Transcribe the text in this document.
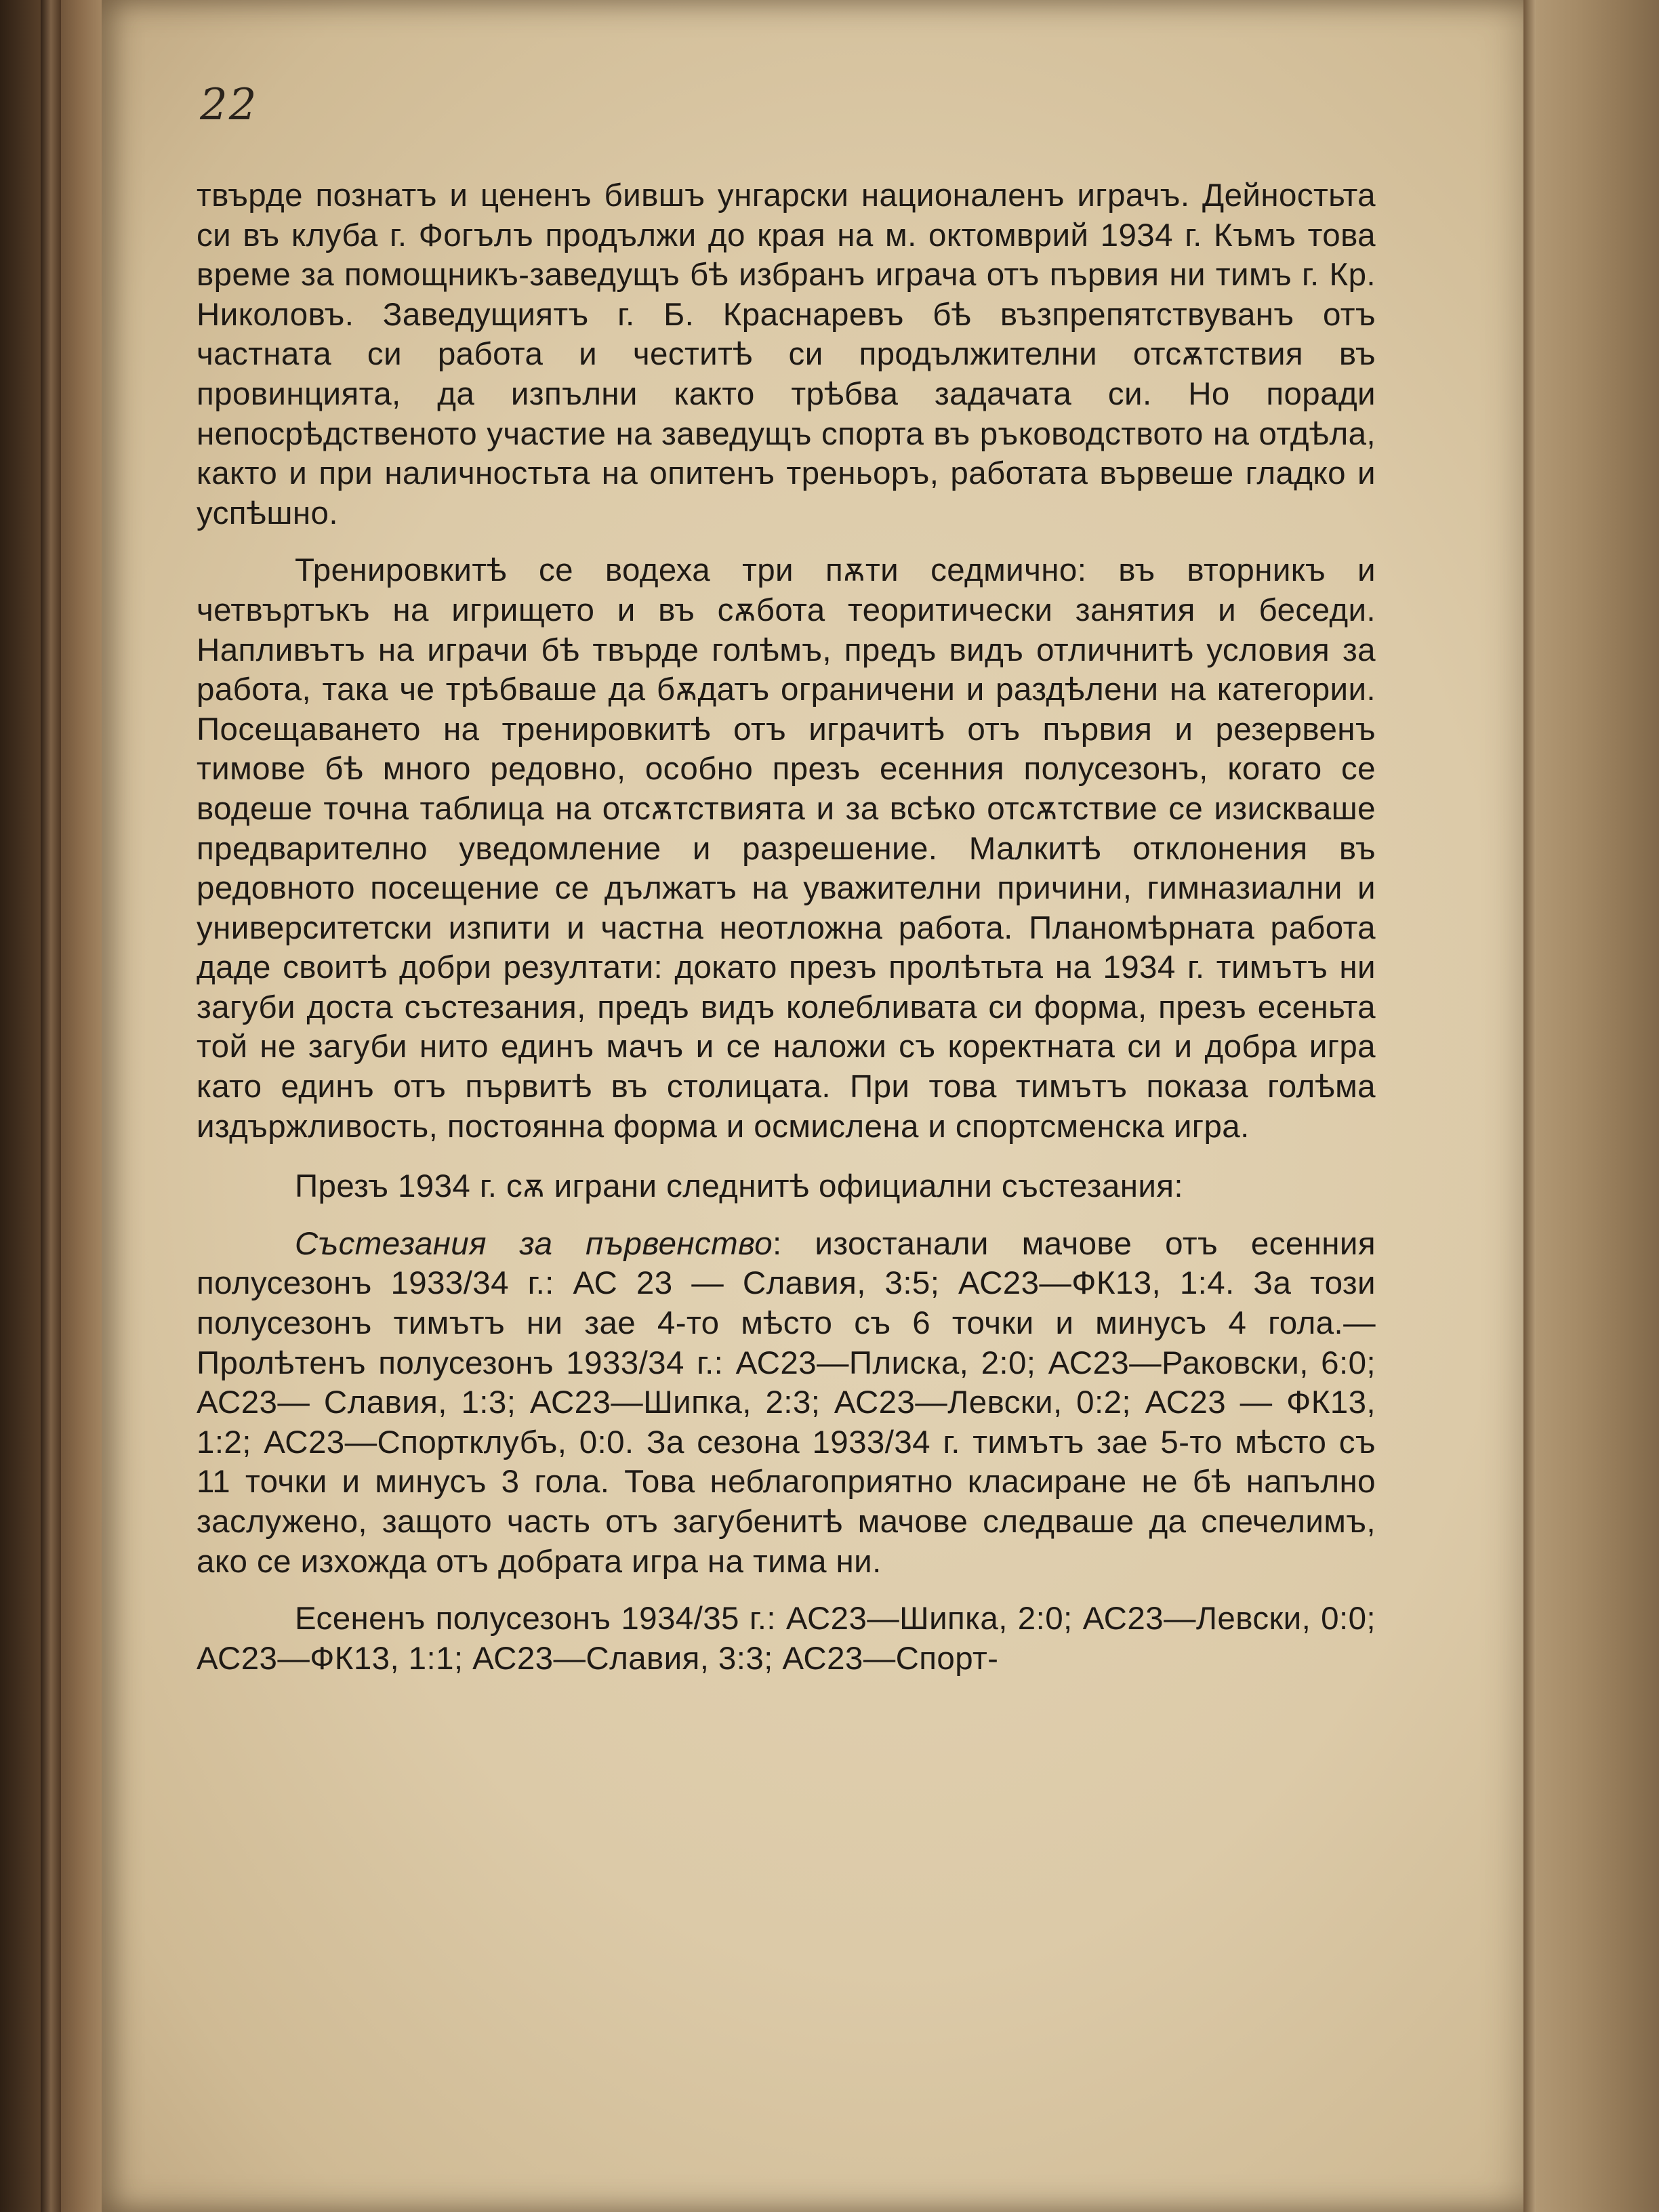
22

твърде познатъ и цененъ бившъ унгарски националенъ играчъ. Дейностьта си въ клуба г. Фогълъ продължи до края на м. октомврий 1934 г. Къмъ това време за помощникъ-заведущъ бѣ избранъ играча отъ първия ни тимъ г. Кр. Николовъ. Заведущиятъ г. Б. Краснаревъ бѣ възпрепятствуванъ отъ частната си работа и честитѣ си продължителни отсѫтствия въ провинцията, да изпълни както трѣбва задачата си. Но поради непосрѣдственото участие на заведущъ спорта въ ръководството на отдѣла, както и при наличностьта на опитенъ треньоръ, работата вървеше гладко и успѣшно.

Тренировкитѣ се водеха три пѫти седмично: въ вторникъ и четвъртъкъ на игрището и въ сѫбота теоритически занятия и беседи. Напливътъ на играчи бѣ твърде голѣмъ, предъ видъ отличнитѣ условия за работа, така че трѣбваше да бѫдатъ ограничени и раздѣлени на категории. Посещаването на тренировкитѣ отъ играчитѣ отъ първия и резервенъ тимове бѣ много редовно, особно презъ есенния полусезонъ, когато се водеше точна таблица на отсѫтствията и за всѣко отсѫтствие се изискваше предварително уведомление и разрешение. Малкитѣ отклонения въ редовното посещение се дължатъ на уважителни причини, гимназиални и университетски изпити и частна неотложна работа. Планомѣрната работа даде своитѣ добри резултати: докато презъ пролѣтьта на 1934 г. тимътъ ни загуби доста състезания, предъ видъ колебливата си форма, презъ есеньта той не загуби нито единъ мачъ и се наложи съ коректната си и добра игра като единъ отъ първитѣ въ столицата. При това тимътъ показа голѣма издържливость, постоянна форма и осмислена и спортсменска игра.

Презъ 1934 г. сѫ играни следнитѣ официални състезания:

Състезания за първенство: изостанали мачове отъ есенния полусезонъ 1933/34 г.: АС 23 — Славия, 3:5; АС23—ФК13, 1:4. За този полусезонъ тимътъ ни зае 4-то мѣсто съ 6 точки и минусъ 4 гола.—Пролѣтенъ полусезонъ 1933/34 г.: АС23—Плиска, 2:0; АС23—Раковски, 6:0; АС23— Славия, 1:3; АС23—Шипка, 2:3; АС23—Левски, 0:2; АС23 — ФК13, 1:2; АС23—Спортклубъ, 0:0. За сезона 1933/34 г. тимътъ зае 5-то мѣсто съ 11 точки и минусъ 3 гола. Това неблагоприятно класиране не бѣ напълно заслужено, защото часть отъ загубенитѣ мачове следваше да спечелимъ, ако се изхожда отъ добрата игра на тима ни.

Есененъ полусезонъ 1934/35 г.: АС23—Шипка, 2:0; АС23—Левски, 0:0; АС23—ФК13, 1:1; АС23—Славия, 3:3; АС23—Спорт-
